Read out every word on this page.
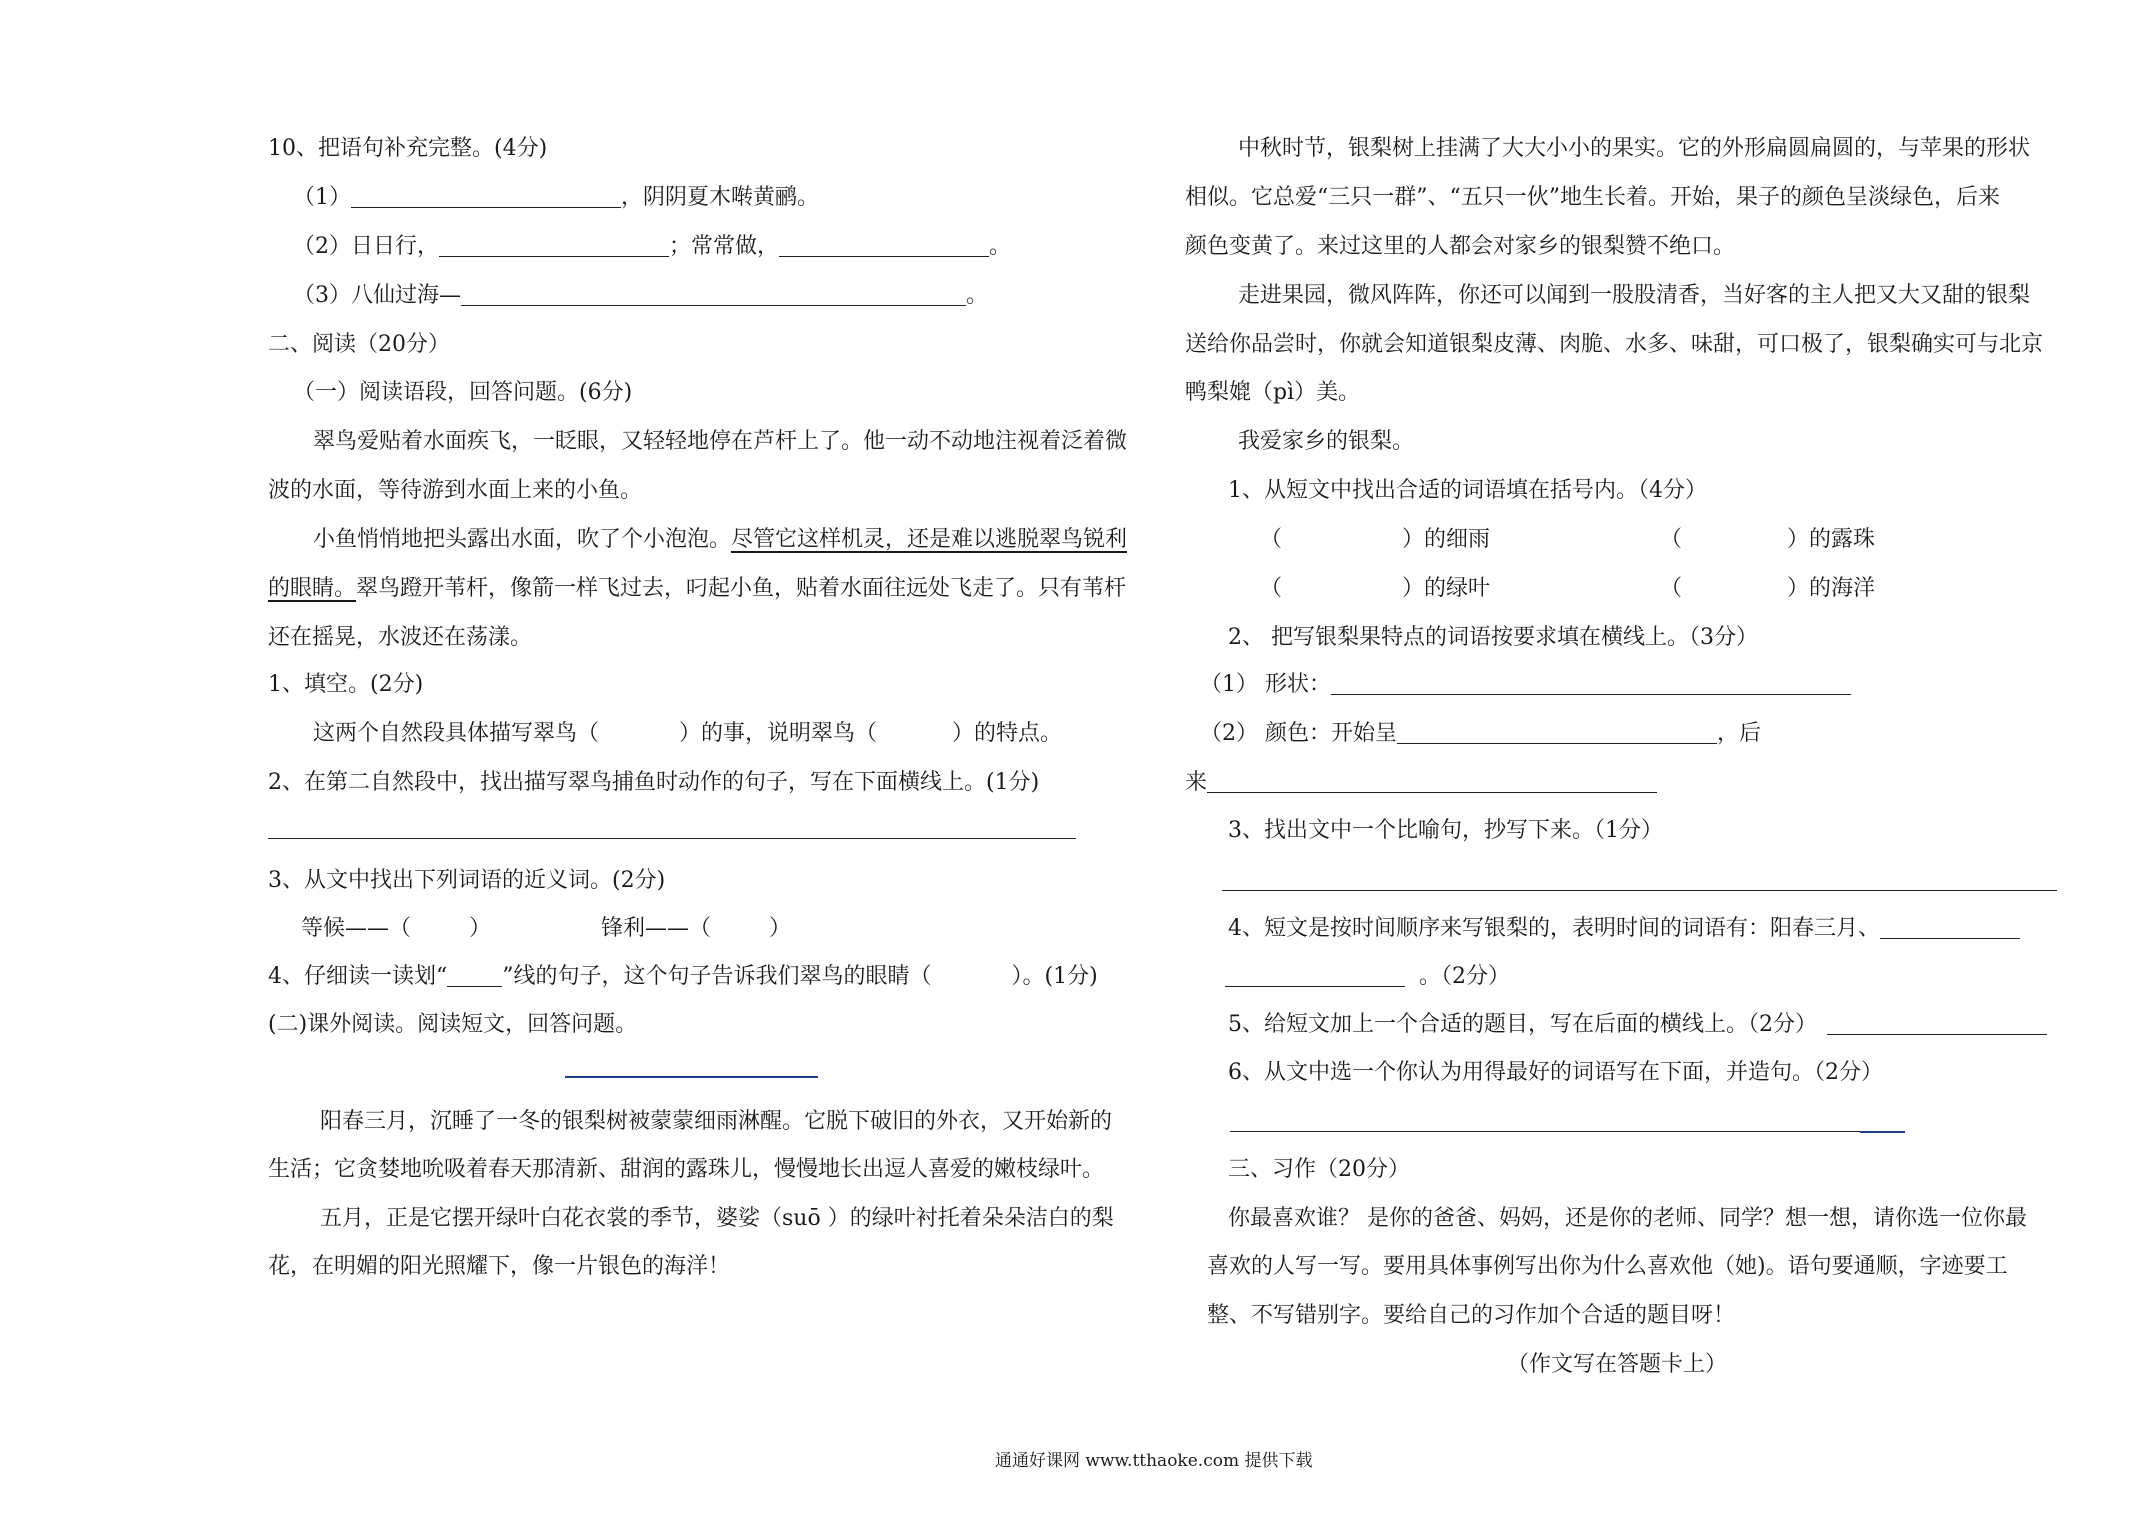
10、把语句补充完整。(4分)
（1）	，阴阴夏木啭黄鹂。
（2）日日行，	；常常做，	。
（3）八仙过海—	。
二、阅读（20分）
（一）阅读语段，回答问题。(6分)
翠鸟爱贴着水面疾飞，一眨眼，又轻轻地停在芦杆上了。他一动不动地注视着泛着微
波的水面，等待游到水面上来的小鱼。
小鱼悄悄地把头露出水面，吹了个小泡泡。尽管它这样机灵，还是难以逃脱翠鸟锐利
的眼睛。翠鸟蹬开苇杆，像箭一样飞过去，叼起小鱼，贴着水面往远处飞走了。只有苇杆
还在摇晃，水波还在荡漾。
1、填空。(2分)
这两个自然段具体描写翠鸟（	）的事，说明翠鸟（	）的特点。
2、在第二自然段中，找出描写翠鸟捕鱼时动作的句子，写在下面横线上。(1分)
3、从文中找出下列词语的近义词。(2分)
等候——（	）	锋利——（	）
4、仔细读一读划“	”线的句子，这个句子告诉我们翠鸟的眼睛（	）。(1分)
(二)课外阅读。阅读短文，回答问题。
阳春三月，沉睡了一冬的银梨树被蒙蒙细雨淋醒。它脱下破旧的外衣，又开始新的
生活；它贪婪地吮吸着春天那清新、甜润的露珠儿，慢慢地长出逗人喜爱的嫩枝绿叶。
五月，正是它摆开绿叶白花衣裳的季节，婆娑（suō ）的绿叶衬托着朵朵洁白的梨
花，在明媚的阳光照耀下，像一片银色的海洋！
中秋时节，银梨树上挂满了大大小小的果实。它的外形扁圆扁圆的，与苹果的形状
相似。它总爱“三只一群”、“五只一伙”地生长着。开始，果子的颜色呈淡绿色，后来
颜色变黄了。来过这里的人都会对家乡的银梨赞不绝口。
走进果园，微风阵阵，你还可以闻到一股股清香，当好客的主人把又大又甜的银梨
送给你品尝时，你就会知道银梨皮薄、肉脆、水多、味甜，可口极了，银梨确实可与北京
鸭梨媲（pì）美。
我爱家乡的银梨。
1、从短文中找出合适的词语填在括号内。（4分）
（	）的细雨	（	）的露珠
（	）的绿叶	（	）的海洋
2、 把写银梨果特点的词语按要求填在横线上。（3分）
（1） 形状：
（2） 颜色：开始呈	，后
来
3、找出文中一个比喻句，抄写下来。（1分）
4、短文是按时间顺序来写银梨的，表明时间的词语有：阳春三月、
。（2分）
5、给短文加上一个合适的题目，写在后面的横线上。（2分）
6、从文中选一个你认为用得最好的词语写在下面，并造句。（2分）
三、习作（20分）
你最喜欢谁？ 是你的爸爸、妈妈，还是你的老师、同学？想一想，请你选一位你最
喜欢的人写一写。要用具体事例写出你为什么喜欢他（她)。语句要通顺，字迹要工
整、不写错别字。要给自己的习作加个合适的题目呀！
（作文写在答题卡上）
通通好课网 www.tthaoke.com 提供下载
